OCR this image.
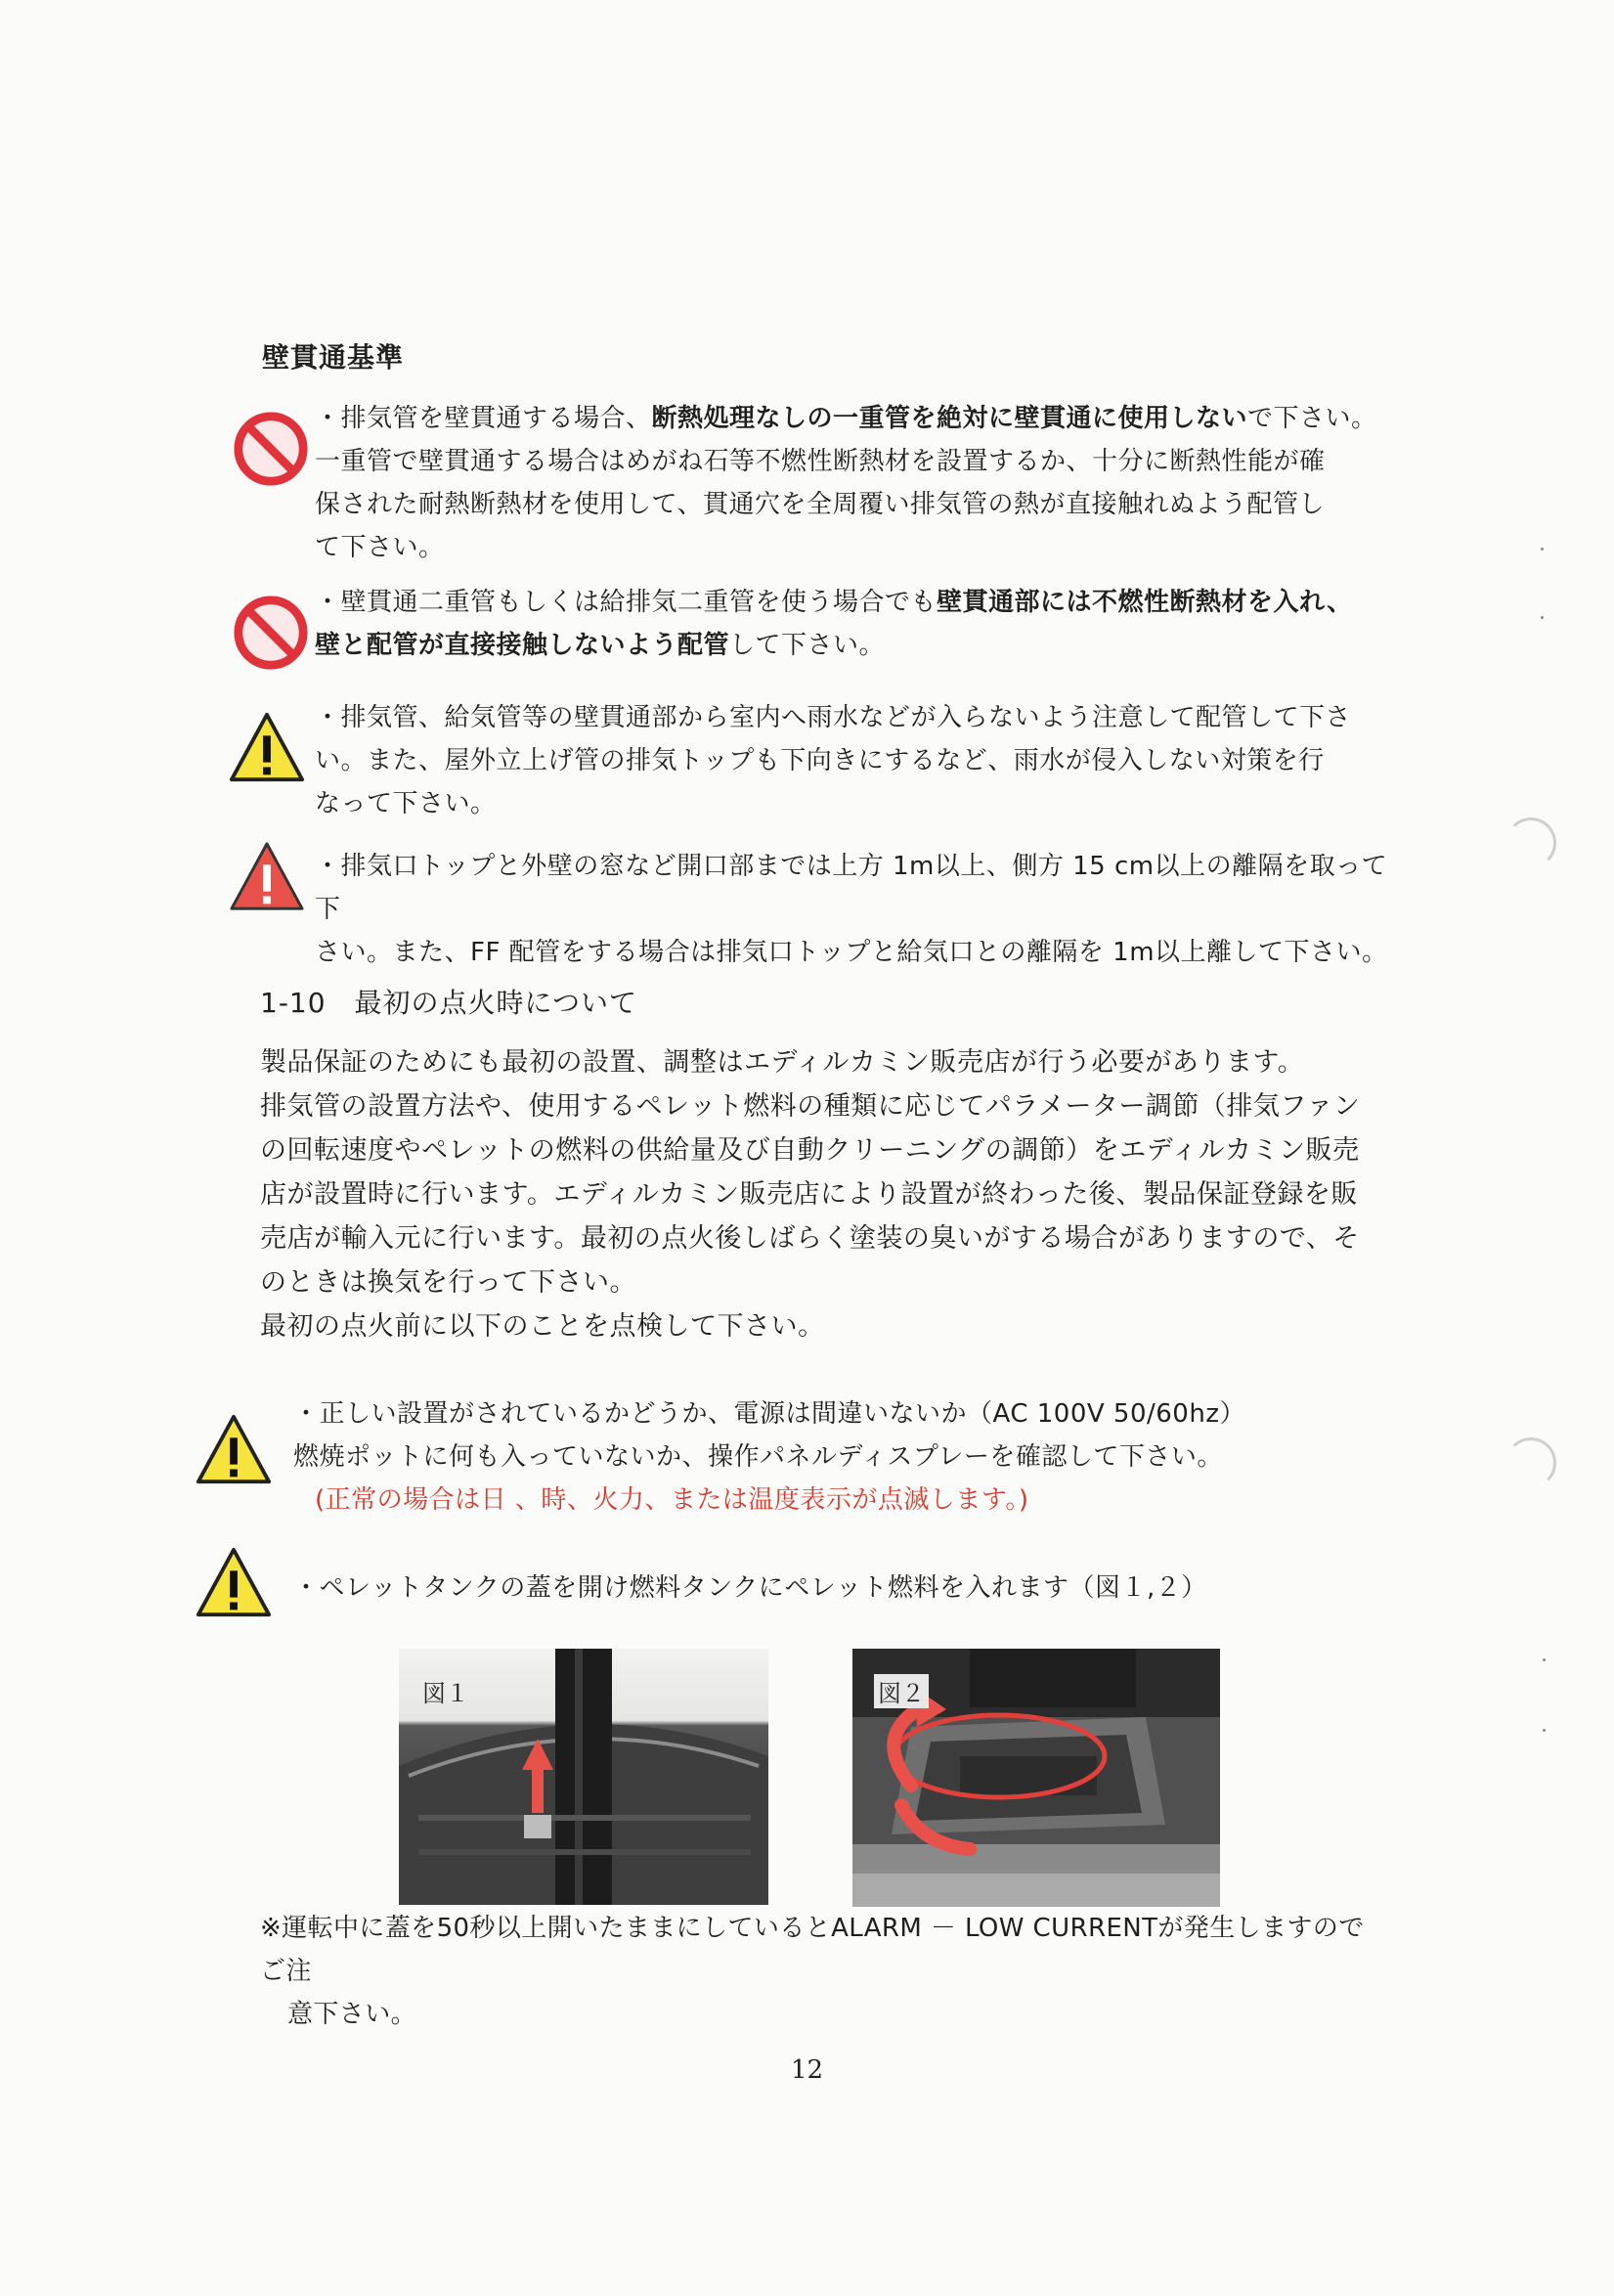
壁貫通基準
・排気管を壁貫通する場合、断熱処理なしの一重管を絶対に壁貫通に使用しないで下さい。
一重管で壁貫通する場合はめがね石等不燃性断熱材を設置するか、十分に断熱性能が確
保された耐熱断熱材を使用して、貫通穴を全周覆い排気管の熱が直接触れぬよう配管し
て下さい。
・壁貫通二重管もしくは給排気二重管を使う場合でも壁貫通部には不燃性断熱材を入れ、
壁と配管が直接接触しないよう配管して下さい。
・排気管、給気管等の壁貫通部から室内へ雨水などが入らないよう注意して配管して下さ
い。また、屋外立上げ管の排気トップも下向きにするなど、雨水が侵入しない対策を行
なって下さい。
・排気口トップと外壁の窓など開口部までは上方 1m以上、側方 15 cm以上の離隔を取って下
さい。また、FF 配管をする場合は排気口トップと給気口との離隔を 1m以上離して下さい。
1-10　最初の点火時について

製品保証のためにも最初の設置、調整はエディルカミン販売店が行う必要があります。

排気管の設置方法や、使用するペレット燃料の種類に応じてパラメーター調節（排気ファン

の回転速度やペレットの燃料の供給量及び自動クリーニングの調節）をエディルカミン販売

店が設置時に行います。エディルカミン販売店により設置が終わった後、製品保証登録を販

売店が輸入元に行います。最初の点火後しばらく塗装の臭いがする場合がありますので、そ

のときは換気を行って下さい。

最初の点火前に以下のことを点検して下さい。

・正しい設置がされているかどうか、電源は間違いないか（AC 100V 50/60hz）
燃焼ポットに何も入っていないか、操作パネルディスプレーを確認して下さい。
(正常の場合は日 、時、火力、または温度表示が点滅します。)
・ペレットタンクの蓋を開け燃料タンクにペレット燃料を入れます（図１,２）
図１	図２
※運転中に蓋を50秒以上開いたままにしているとALARM － LOW CURRENTが発生しますのでご注
意下さい。
12
